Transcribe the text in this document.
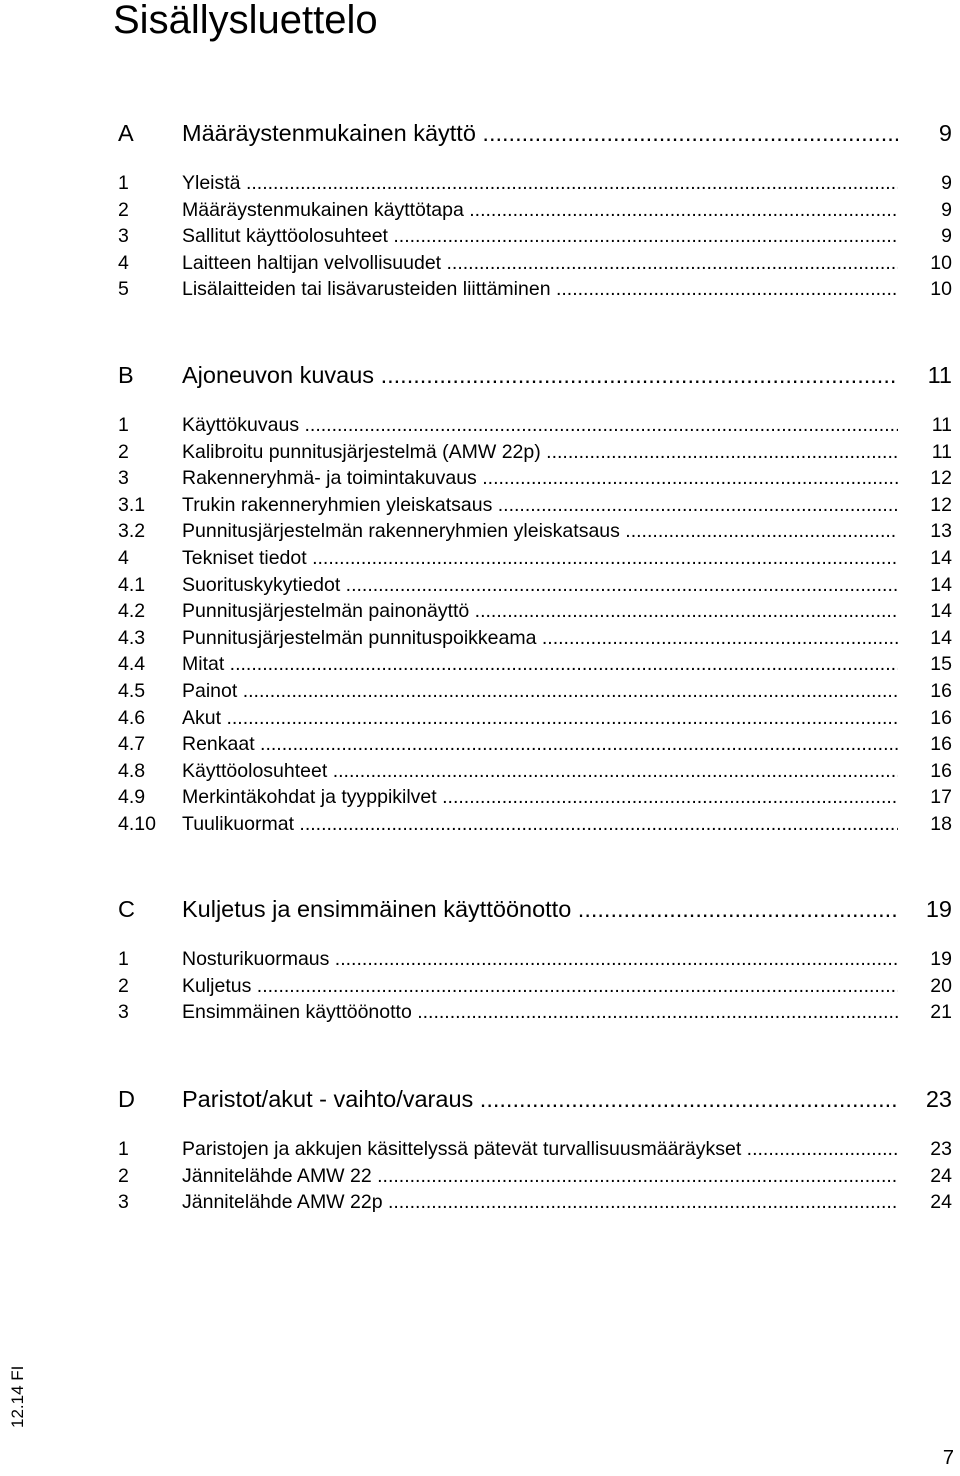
Sisällysluettelo
A Määräystenmukainen käyttö .....	9
1	Yleistä .....	9
2	Määräystenmukainen käyttötapa .....	9
3	Sallitut käyttöolosuhteet .....	9
4	Laitteen haltijan velvollisuudet .....	10
5	Lisälaitteiden tai lisävarusteiden liittäminen .....	10
B Ajoneuvon kuvaus .....	11
1	Käyttökuvaus .....	11
2	Kalibroitu punnitusjärjestelmä (AMW 22p) .....	11
3	Rakenneryhmä- ja toimintakuvaus .....	12
3.1 Trukin rakenneryhmien yleiskatsaus .....	12
3.2 Punnitusjärjestelmän rakenneryhmien yleiskatsaus .....	13
4	Tekniset tiedot .....	14
4.1 Suorituskykytiedot .....	14
4.2 Punnitusjärjestelmän painonäyttö .....	14
4.3 Punnitusjärjestelmän punnituspoikkeama .....	14
4.4 Mitat .....	15
4.5 Painot .....	16
4.6 Akut .....	16
4.7 Renkaat .....	16
4.8 Käyttöolosuhteet .....	16
4.9 Merkintäkohdat ja tyyppikilvet .....	17
4.10 Tuulikuormat .....	18
C Kuljetus ja ensimmäinen käyttöönotto .....	19
1	Nosturikuormaus .....	19
2	Kuljetus .....	20
3	Ensimmäinen käyttöönotto .....	21
D Paristot/akut - vaihto/varaus .....	23
1	Paristojen ja akkujen käsittelyssä pätevät turvallisuusmääräykset .....	23
2	Jännitelähde AMW 22 .....	24
3	Jännitelähde AMW 22p .....	24
12.14 FI
7
